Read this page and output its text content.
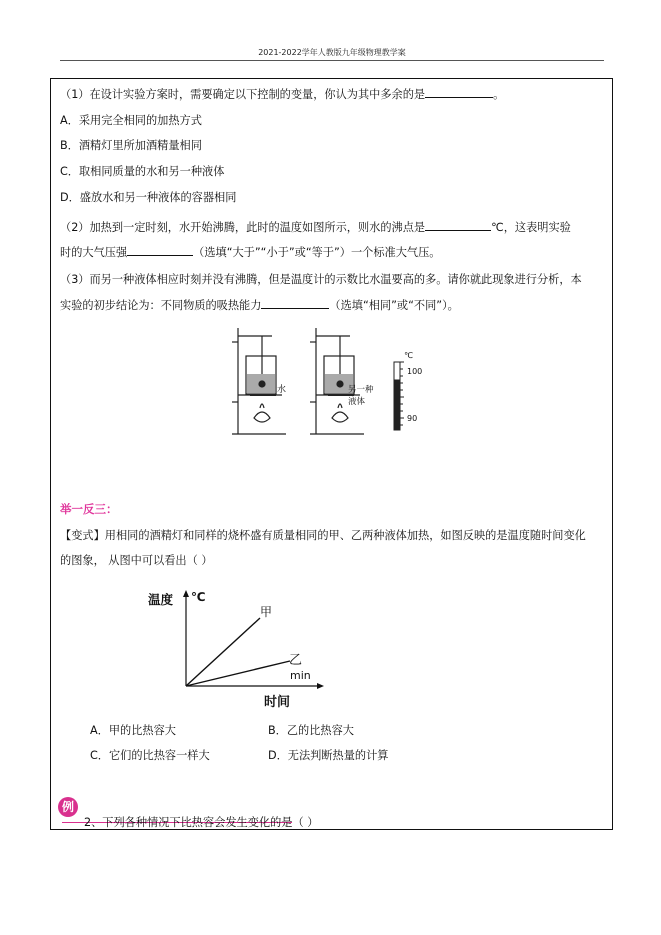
2021-2022学年人教版九年级物理教学案
（1）在设计实验方案时，需要确定以下控制的变量，你认为其中多余的是	。
A．采用完全相同的加热方式
B．酒精灯里所加酒精量相同
C．取相同质量的水和另一种液体
D．盛放水和另一种液体的容器相同
（2）加热到一定时刻，水开始沸腾，此时的温度如图所示，则水的沸点是	℃，这表明实验
时的大气压强	（选填“大于”“小于”或“等于”）一个标准大气压。
（3）而另一种液体相应时刻并没有沸腾，但是温度计的示数比水温要高的多。请你就此现象进行分析，本
实验的初步结论为：不同物质的吸热能力	（选填“相同”或“不同”）。
水	另一种
液体
℃
100
90
举一反三：
【变式】用相同的酒精灯和同样的烧杯盛有质量相同的甲、乙两种液体加热，如图反映的是温度随时间变化
的图象， 从图中可以看出（ ）
温度 ℃
甲
乙
min
时间
A．甲的比热容大	B．乙的比热容大
C．它们的比热容一样大	D．无法判断热量的计算
例
2、下列各种情况下比热容会发生变化的是（ ）
